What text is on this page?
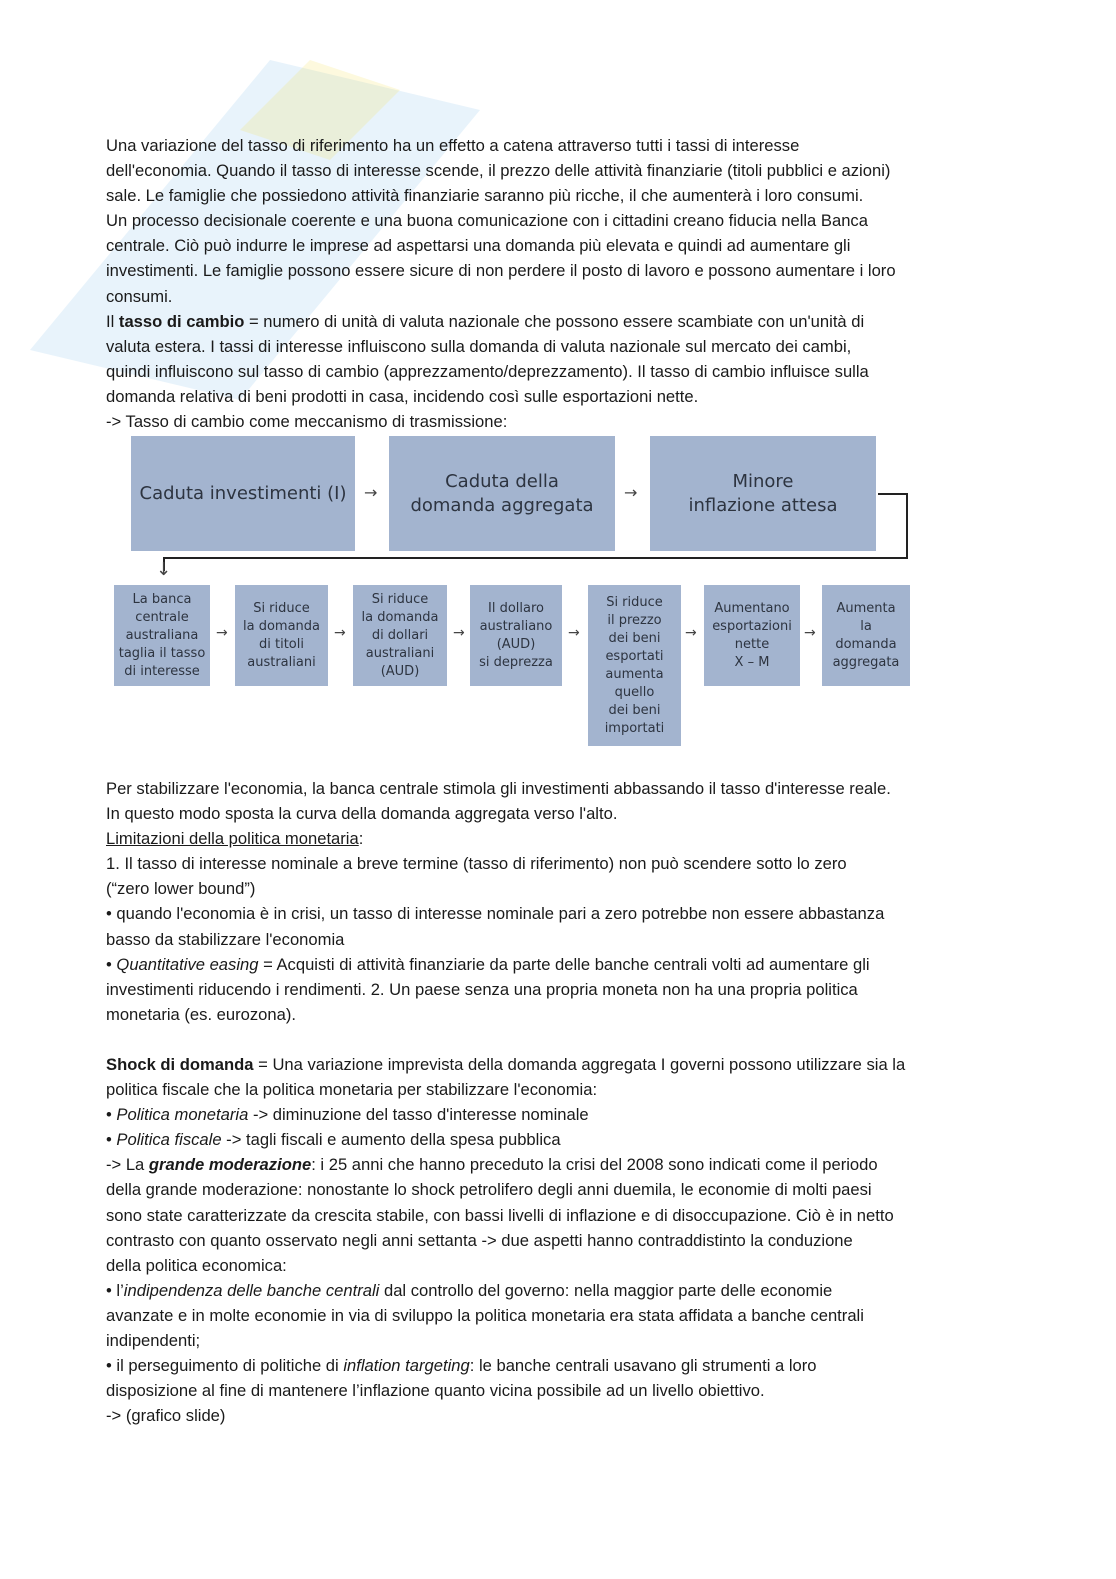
Una variazione del tasso di riferimento ha un effetto a catena attraverso tutti i tassi di interesse

dell'economia. Quando il tasso di interesse scende, il prezzo delle attività finanziarie (titoli pubblici e azioni)

sale. Le famiglie che possiedono attività finanziarie saranno più ricche, il che aumenterà i loro consumi.

Un processo decisionale coerente e una buona comunicazione con i cittadini creano fiducia nella Banca

centrale. Ciò può indurre le imprese ad aspettarsi una domanda più elevata e quindi ad aumentare gli

investimenti. Le famiglie possono essere sicure di non perdere il posto di lavoro e possono aumentare i loro

consumi.

Il tasso di cambio = numero di unità di valuta nazionale che possono essere scambiate con un'unità di

valuta estera. I tassi di interesse influiscono sulla domanda di valuta nazionale sul mercato dei cambi,

quindi influiscono sul tasso di cambio (apprezzamento/deprezzamento). Il tasso di cambio influisce sulla

domanda relativa di beni prodotti in casa, incidendo così sulle esportazioni nette.

-> Tasso di cambio come meccanismo di trasmissione:

Caduta investimenti (I) →
Caduta della
domanda aggregata
→
Minore
inflazione attesa
↓
La banca
centrale
australiana
taglia il tasso
di interesse
→
Si riduce
la domanda
di titoli
australiani
→
Si riduce
la domanda
di dollari
australiani
(AUD)
→
Il dollaro
australiano
(AUD)
si deprezza
→
Si riduce
il prezzo
dei beni
esportati
aumenta
quello
dei beni
importati
→
Aumentano
esportazioni
nette
X – M
→
Aumenta
la
domanda
aggregata

Per stabilizzare l'economia, la banca centrale stimola gli investimenti abbassando il tasso d'interesse reale.

In questo modo sposta la curva della domanda aggregata verso l'alto.

Limitazioni della politica monetaria:

1. Il tasso di interesse nominale a breve termine (tasso di riferimento) non può scendere sotto lo zero

(“zero lower bound”)

• quando l'economia è in crisi, un tasso di interesse nominale pari a zero potrebbe non essere abbastanza

basso da stabilizzare l'economia

• Quantitative easing = Acquisti di attività finanziarie da parte delle banche centrali volti ad aumentare gli

investimenti riducendo i rendimenti. 2. Un paese senza una propria moneta non ha una propria politica

monetaria (es. eurozona).

Shock di domanda = Una variazione imprevista della domanda aggregata I governi possono utilizzare sia la

politica fiscale che la politica monetaria per stabilizzare l'economia:

• Politica monetaria -> diminuzione del tasso d'interesse nominale

• Politica fiscale -> tagli fiscali e aumento della spesa pubblica

-> La grande moderazione: i 25 anni che hanno preceduto la crisi del 2008 sono indicati come il periodo

della grande moderazione: nonostante lo shock petrolifero degli anni duemila, le economie di molti paesi

sono state caratterizzate da crescita stabile, con bassi livelli di inflazione e di disoccupazione. Ciò è in netto

contrasto con quanto osservato negli anni settanta -> due aspetti hanno contraddistinto la conduzione

della politica economica:

• l’indipendenza delle banche centrali dal controllo del governo: nella maggior parte delle economie

avanzate e in molte economie in via di sviluppo la politica monetaria era stata affidata a banche centrali

indipendenti;

• il perseguimento di politiche di inflation targeting: le banche centrali usavano gli strumenti a loro

disposizione al fine di mantenere l’inflazione quanto vicina possibile ad un livello obiettivo.

-> (grafico slide)
